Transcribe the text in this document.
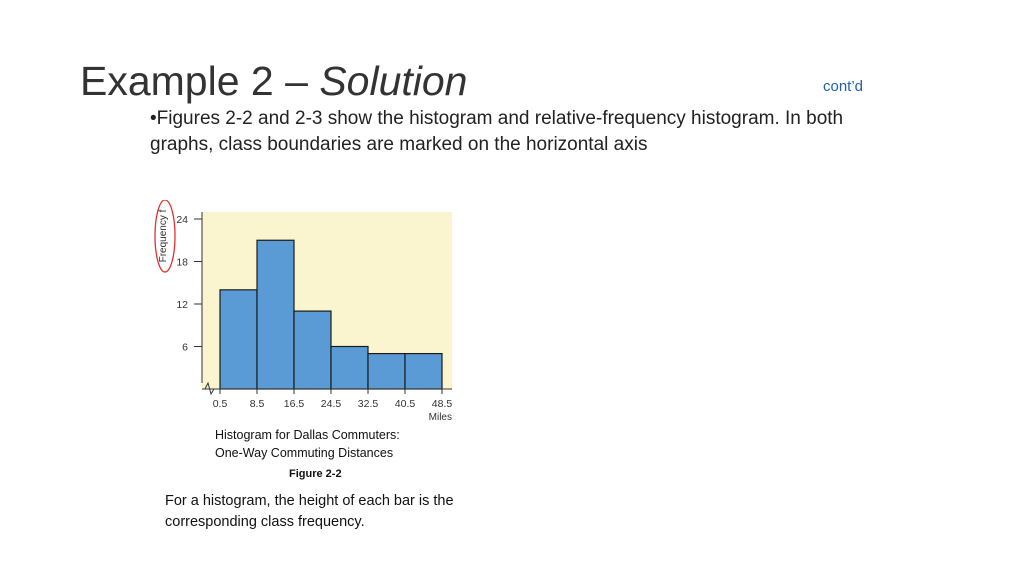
Example 2 – Solution	cont’d
•Figures 2-2 and 2-3 show the histogram and relative-frequency histogram. In both graphs, class boundaries are marked on the horizontal axis
6
12
18
24
0.5 8.5 16.5 24.5 32.5 40.5 48.5
Frequency f
Miles
Histogram for Dallas Commuters:
One-Way Commuting Distances
Figure 2-2
For a histogram, the height of each bar is the corresponding class frequency.
